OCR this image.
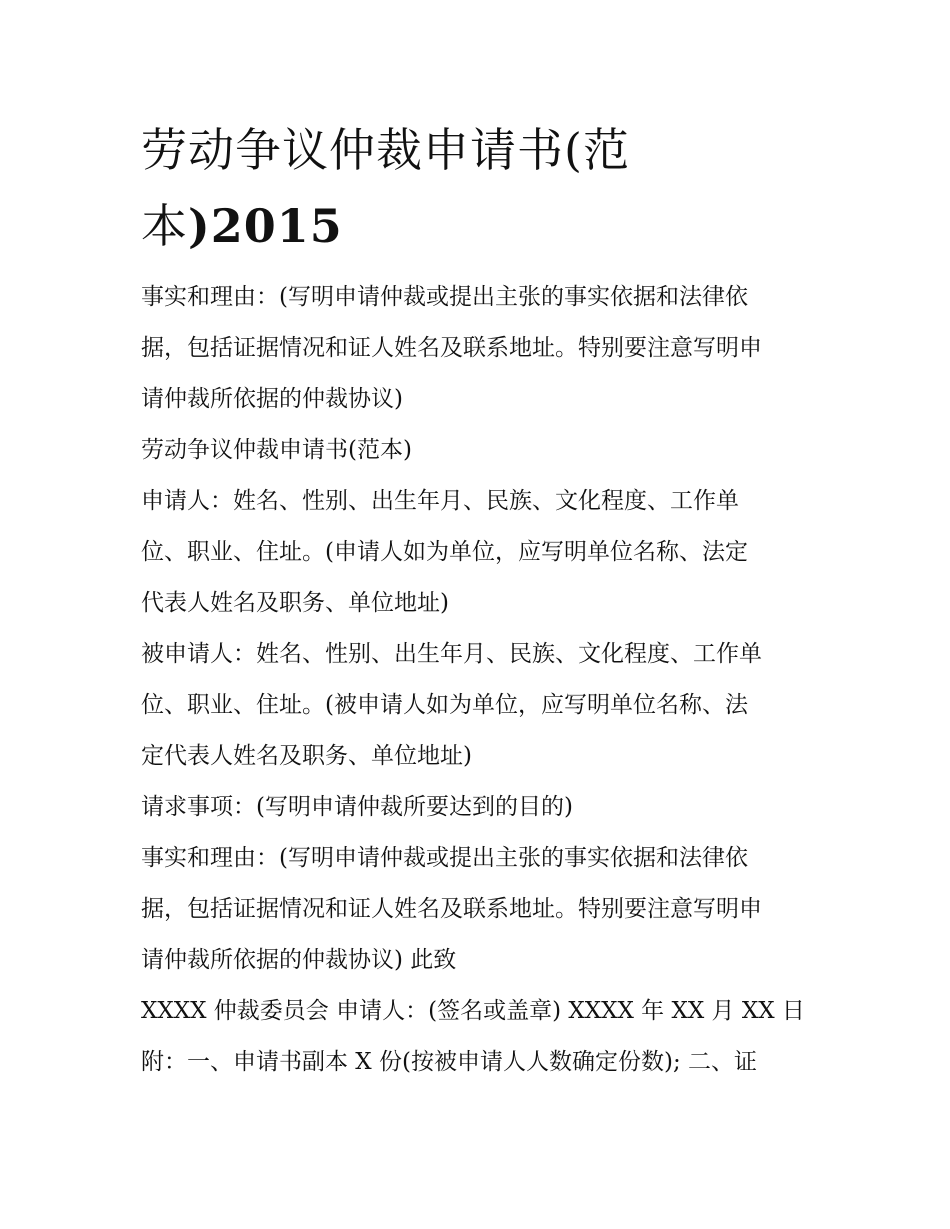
劳动争议仲裁申请书(范本)2015
事实和理由：(写明申请仲裁或提出主张的事实依据和法律依
据，包括证据情况和证人姓名及联系地址。特别要注意写明申
请仲裁所依据的仲裁协议)
劳动争议仲裁申请书(范本)
申请人：姓名、性别、出生年月、民族、文化程度、工作单
位、职业、住址。(申请人如为单位，应写明单位名称、法定
代表人姓名及职务、单位地址)
被申请人：姓名、性别、出生年月、民族、文化程度、工作单
位、职业、住址。(被申请人如为单位，应写明单位名称、法
定代表人姓名及职务、单位地址)
请求事项：(写明申请仲裁所要达到的目的)
事实和理由：(写明申请仲裁或提出主张的事实依据和法律依
据，包括证据情况和证人姓名及联系地址。特别要注意写明申
请仲裁所依据的仲裁协议) 此致
XXXX 仲裁委员会 申请人：(签名或盖章) XXXX 年 XX 月 XX 日
附：一、申请书副本 X 份(按被申请人人数确定份数); 二、证
